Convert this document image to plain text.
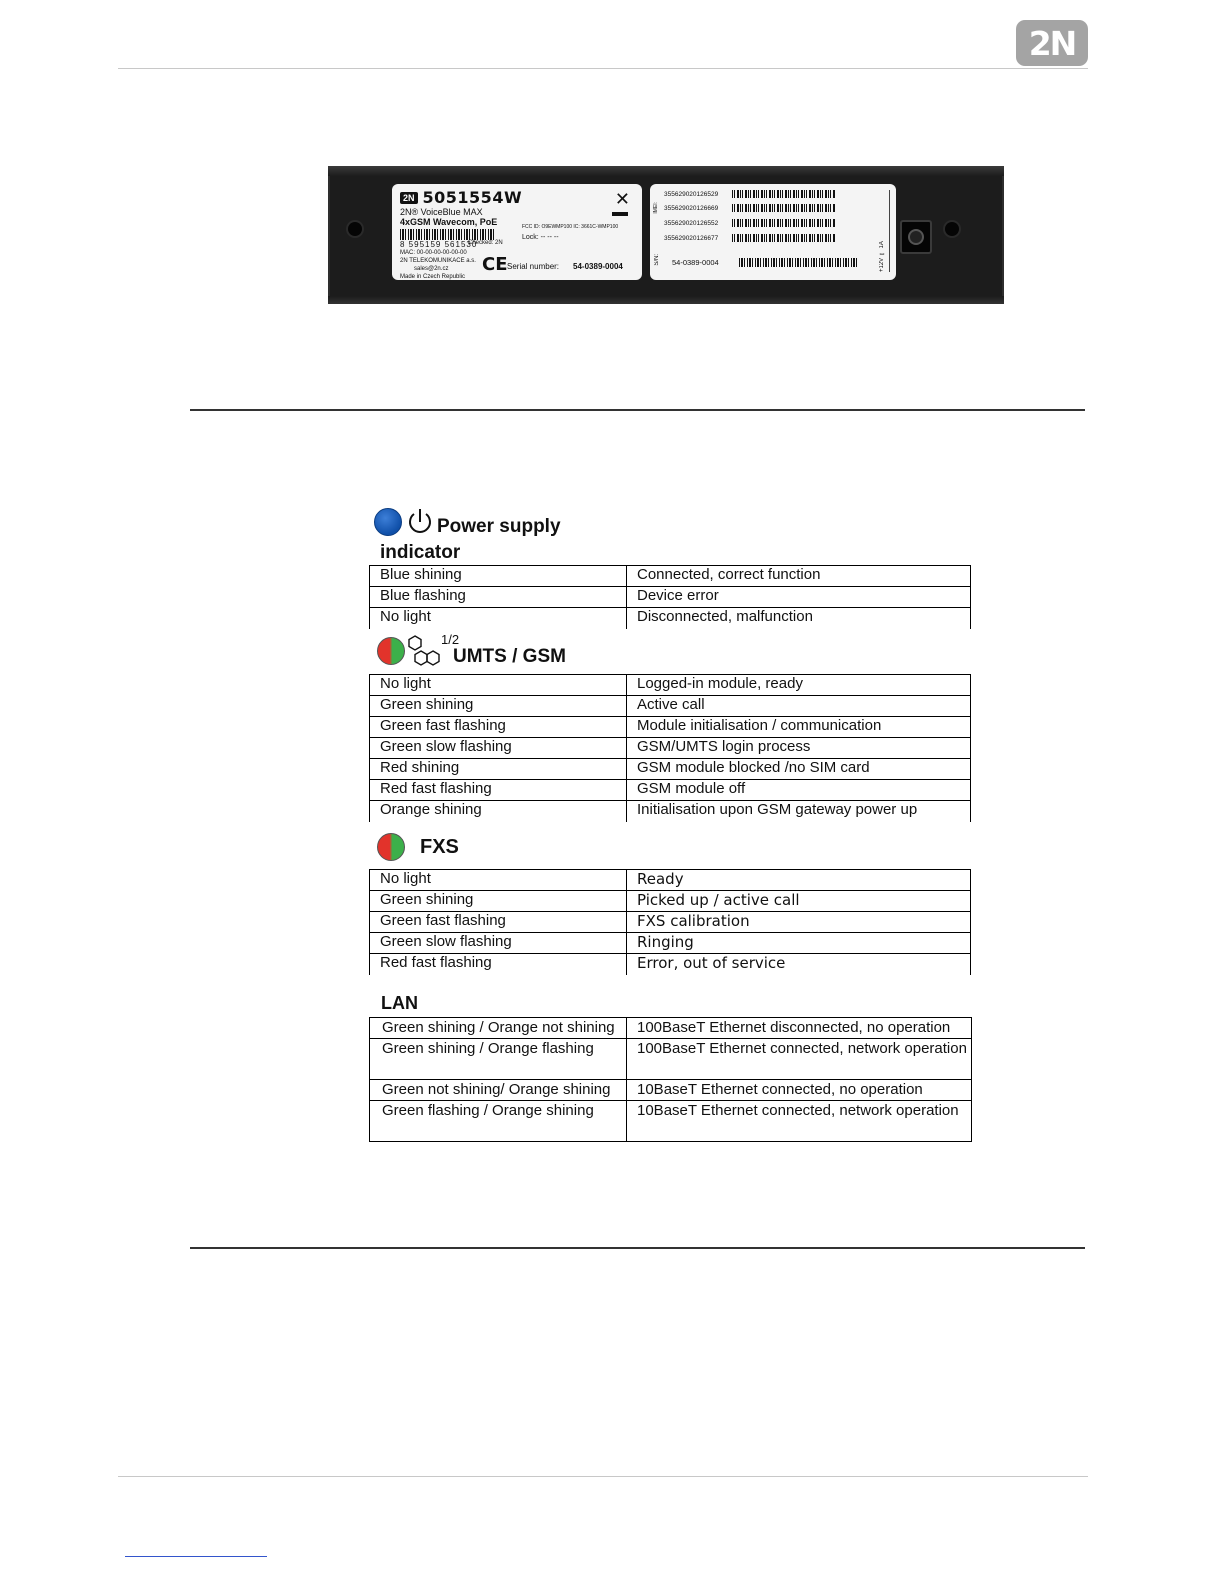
2N
2N 5051554W
2N® VoiceBlue MAX
4xGSM Wavecom, PoE
8 595159 561530
MAC: 00-00-00-00-00-00
2N TELEKOMUNIKACE a.s.
sales@2n.cz
Made in Czech Republic
Checked: 2N
✕
FCC ID: O9EWMP100 IC: 3661C-WMP100
Lock: -- -- --
CE Serial number: 54-0389-0004
IMEI:
355629020126529
355629020126669
355629020126552
355629020126677
S/N: 54-0389-0004	+12V ⎓ 1A
Power supply
indicator
Blue shining	Connected, correct function
Blue flashing	Device error
No light	Disconnected, malfunction
1/2
UMTS / GSM
No light	Logged-in module, ready
Green shining	Active call
Green fast flashing	Module initialisation / communication
Green slow flashing	GSM/UMTS login process
Red shining	GSM module blocked /no SIM card
Red fast flashing	GSM module off
Orange shining	Initialisation upon GSM gateway power up
FXS
No light	Ready
Green shining	Picked up / active call
Green fast flashing	FXS calibration
Green slow flashing	Ringing
Red fast flashing	Error, out of service
LAN
Green shining / Orange not shining	100BaseT Ethernet disconnected, no operation
Green shining / Orange flashing	100BaseT Ethernet connected, network operation
Green not shining/ Orange shining	10BaseT Ethernet connected, no operation
Green flashing / Orange shining	10BaseT Ethernet connected, network operation
